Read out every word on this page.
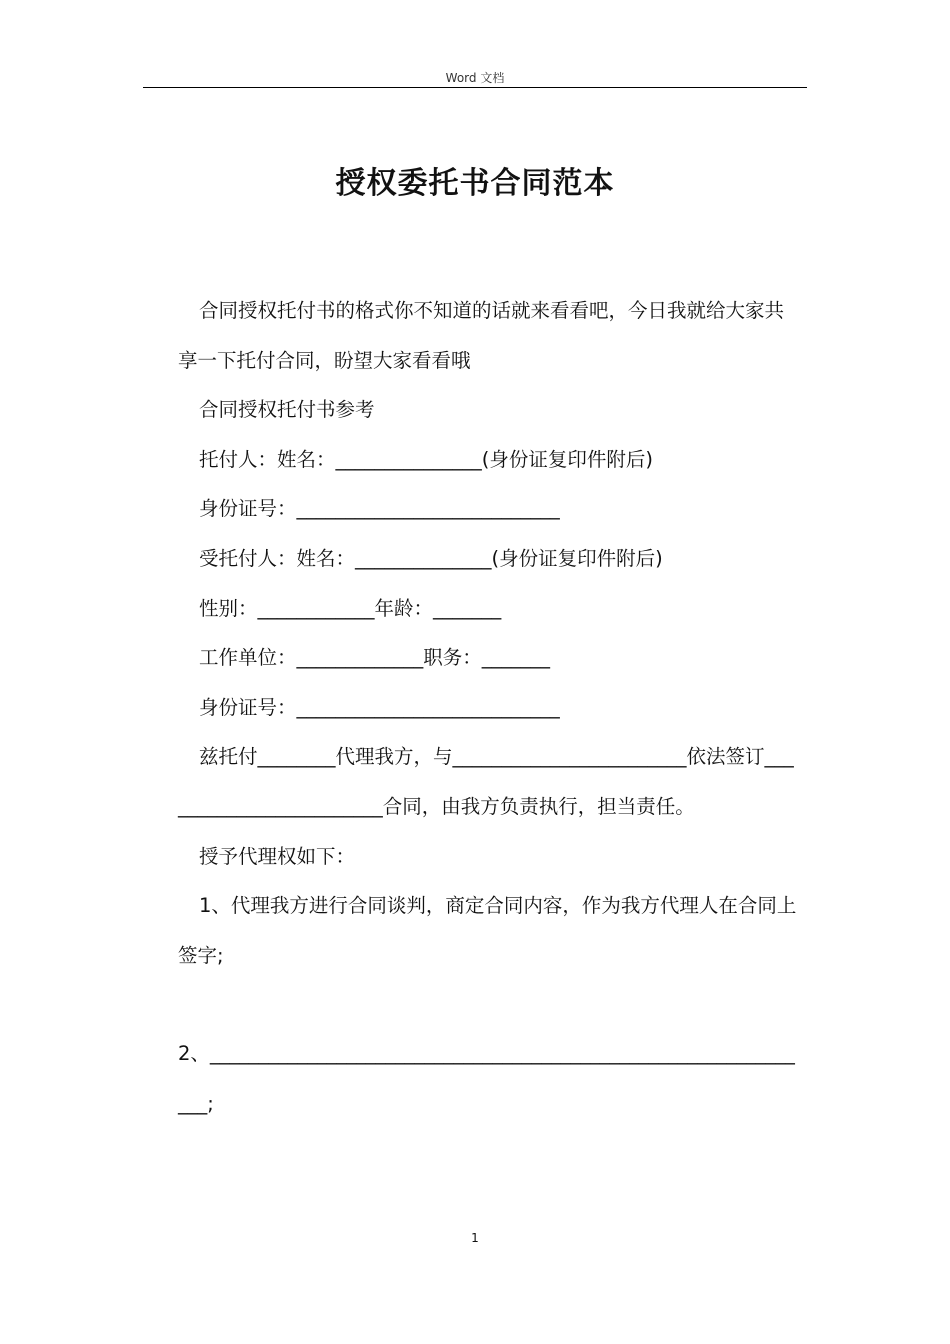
Word 文档
授权委托书合同范本

合同授权托付书的格式你不知道的话就来看看吧，今日我就给大家共享一下托付合同，盼望大家看看哦

合同授权托付书参考

托付人：姓名：_______________(身份证复印件附后)

身份证号：___________________________

受托付人：姓名：______________(身份证复印件附后)

性别：____________年龄：_______

工作单位：_____________职务：_______

身份证号：___________________________

兹托付________代理我方，与________________________依法签订________________________合同，由我方负责执行，担当责任。

授予代理权如下：

1、代理我方进行合同谈判，商定合同内容，作为我方代理人在合同上签字;

2、_______________________________________________________________;

1
